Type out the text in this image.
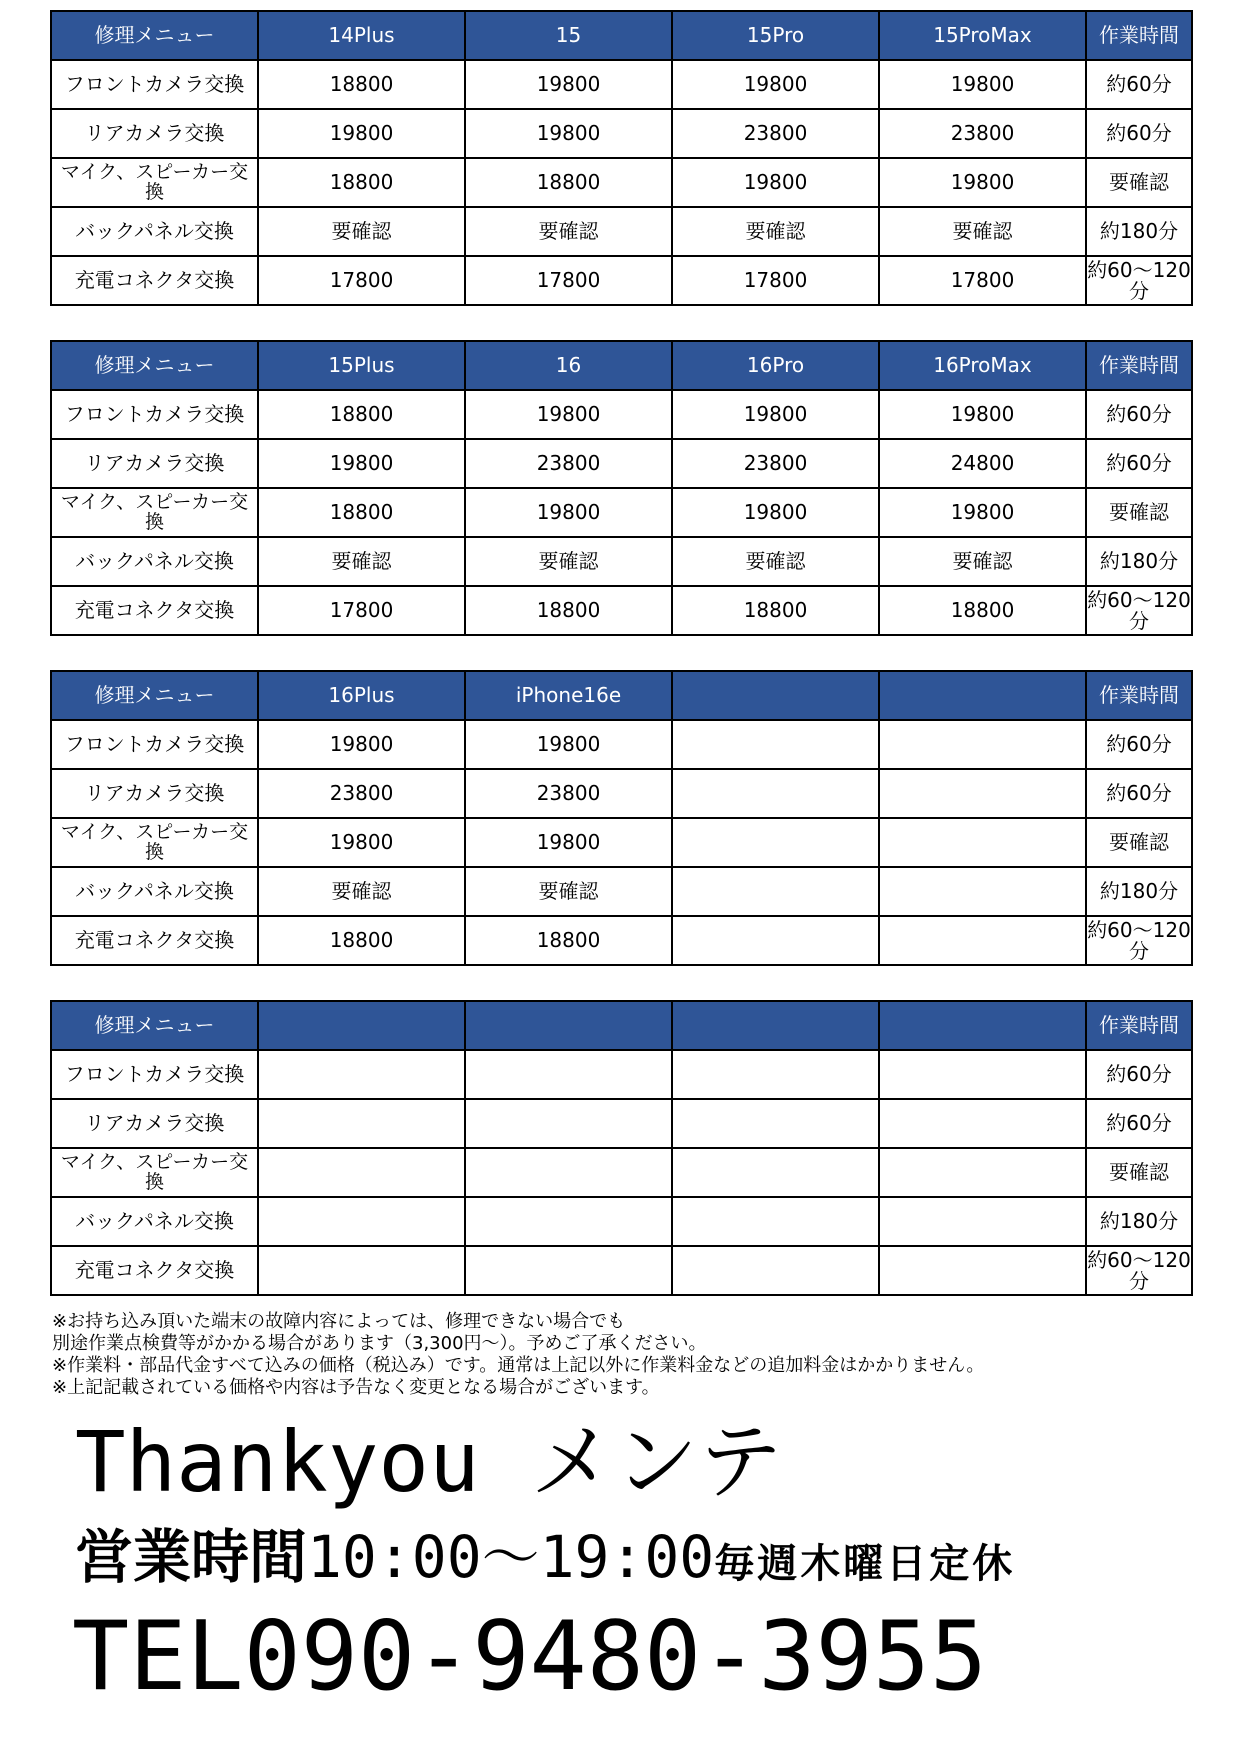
修理メニュー	14Plus	15	15Pro	15ProMax	作業時間
フロントカメラ交換	18800	19800	19800	19800	約60分
リアカメラ交換	19800	19800	23800	23800	約60分
マイク、スピーカー交換	18800	18800	19800	19800	要確認
バックパネル交換	要確認	要確認	要確認	要確認	約180分
充電コネクタ交換	17800	17800	17800	17800	約60～120分
修理メニュー	15Plus	16	16Pro	16ProMax	作業時間
フロントカメラ交換	18800	19800	19800	19800	約60分
リアカメラ交換	19800	23800	23800	24800	約60分
マイク、スピーカー交換	18800	19800	19800	19800	要確認
バックパネル交換	要確認	要確認	要確認	要確認	約180分
充電コネクタ交換	17800	18800	18800	18800	約60～120分
修理メニュー	16Plus	iPhone16e			作業時間
フロントカメラ交換	19800	19800			約60分
リアカメラ交換	23800	23800			約60分
マイク、スピーカー交換	19800	19800			要確認
バックパネル交換	要確認	要確認			約180分
充電コネクタ交換	18800	18800			約60～120分
修理メニュー					作業時間
フロントカメラ交換					約60分
リアカメラ交換					約60分
マイク、スピーカー交換					要確認
バックパネル交換					約180分
充電コネクタ交換					約60～120分
※お持ち込み頂いた端末の故障内容によっては、修理できない場合でも
別途作業点検費等がかかる場合があります（3,300円～）。予めご了承ください。
※作業料・部品代金すべて込みの価格（税込み）です。通常は上記以外に作業料金などの追加料金はかかりません。
※上記記載されている価格や内容は予告なく変更となる場合がございます。
Thankyou メンテ
営業時間10:00～19:00毎週木曜日定休
TEL090-9480-3955
